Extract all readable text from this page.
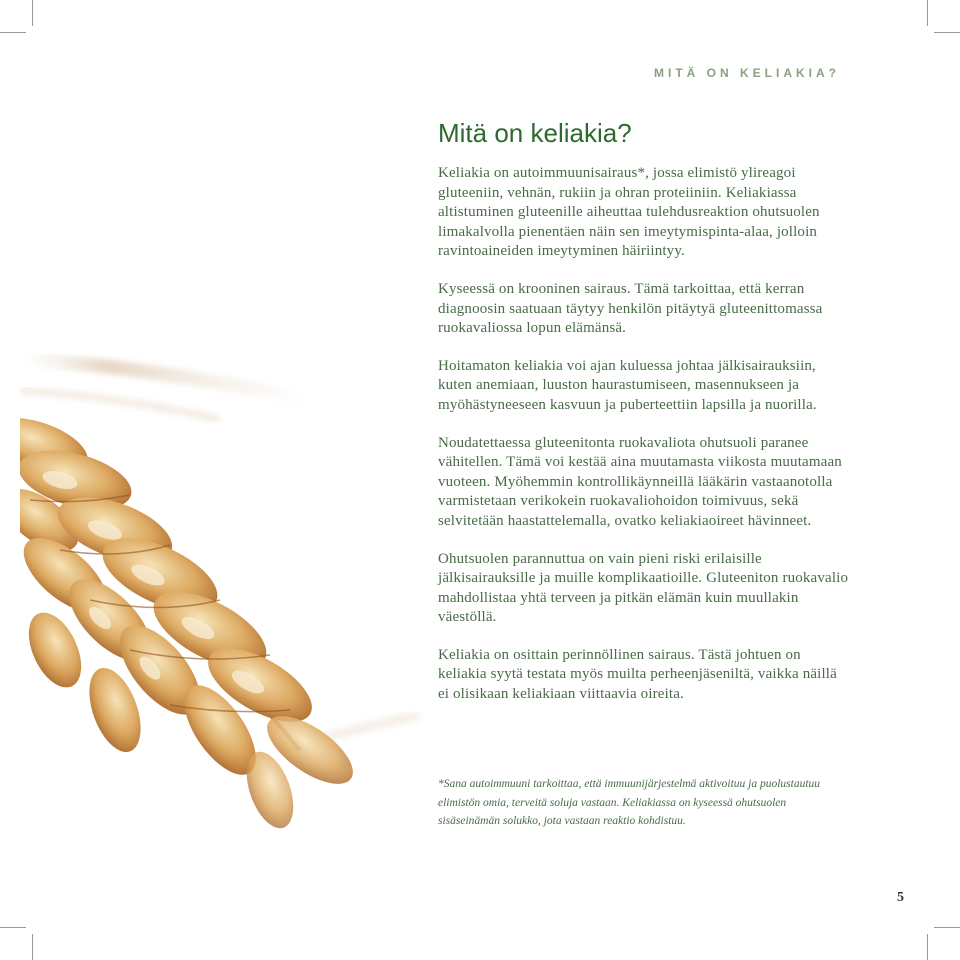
MITÄ ON KELIAKIA?
Mitä on keliakia?

Keliakia on autoimmuunisairaus*, jossa elimistö ylireagoi gluteeniin, vehnän, rukiin ja ohran proteiiniin. Keliakiassa altistuminen gluteenille aiheuttaa tulehdusreaktion ohutsuolen limakalvolla pienentäen näin sen imeytymispinta-alaa, jolloin ravintoaineiden imeytyminen häiriintyy.

Kyseessä on krooninen sairaus. Tämä tarkoittaa, että kerran diagnoosin saatuaan täytyy henkilön pitäytyä gluteenittomassa ruokavaliossa lopun elämänsä.

Hoitamaton keliakia voi ajan kuluessa johtaa jälkisairauksiin, kuten anemiaan, luuston haurastumiseen, masennukseen ja myöhästyneeseen kasvuun ja puberteettiin lapsilla ja nuorilla.

Noudatettaessa gluteenitonta ruokavaliota ohutsuoli paranee vähitellen. Tämä voi kestää aina muutamasta viikosta muutamaan vuoteen. Myöhemmin kontrollikäynneillä lääkärin vastaanotolla varmistetaan verikokein ruokavaliohoidon toimivuus, sekä selvitetään haastattelemalla, ovatko keliakiaoireet hävinneet.

Ohutsuolen parannuttua on vain pieni riski erilaisille jälkisairauksille ja muille komplikaatioille. Gluteeniton ruokavalio mahdollistaa yhtä terveen ja pitkän elämän kuin muullakin väestöllä.

Keliakia on osittain perinnöllinen sairaus. Tästä johtuen on keliakia syytä testata myös muilta perheenjäseniltä, vaikka näillä ei olisikaan keliakiaan viittaavia oireita.

*Sana autoimmuuni tarkoittaa, että immuunijärjestelmä aktivoituu ja puolustautuu elimistön omia, terveitä soluja vastaan. Keliakiassa on kyseessä ohutsuolen sisäseinämän solukko, jota vastaan reaktio kohdistuu.

5
